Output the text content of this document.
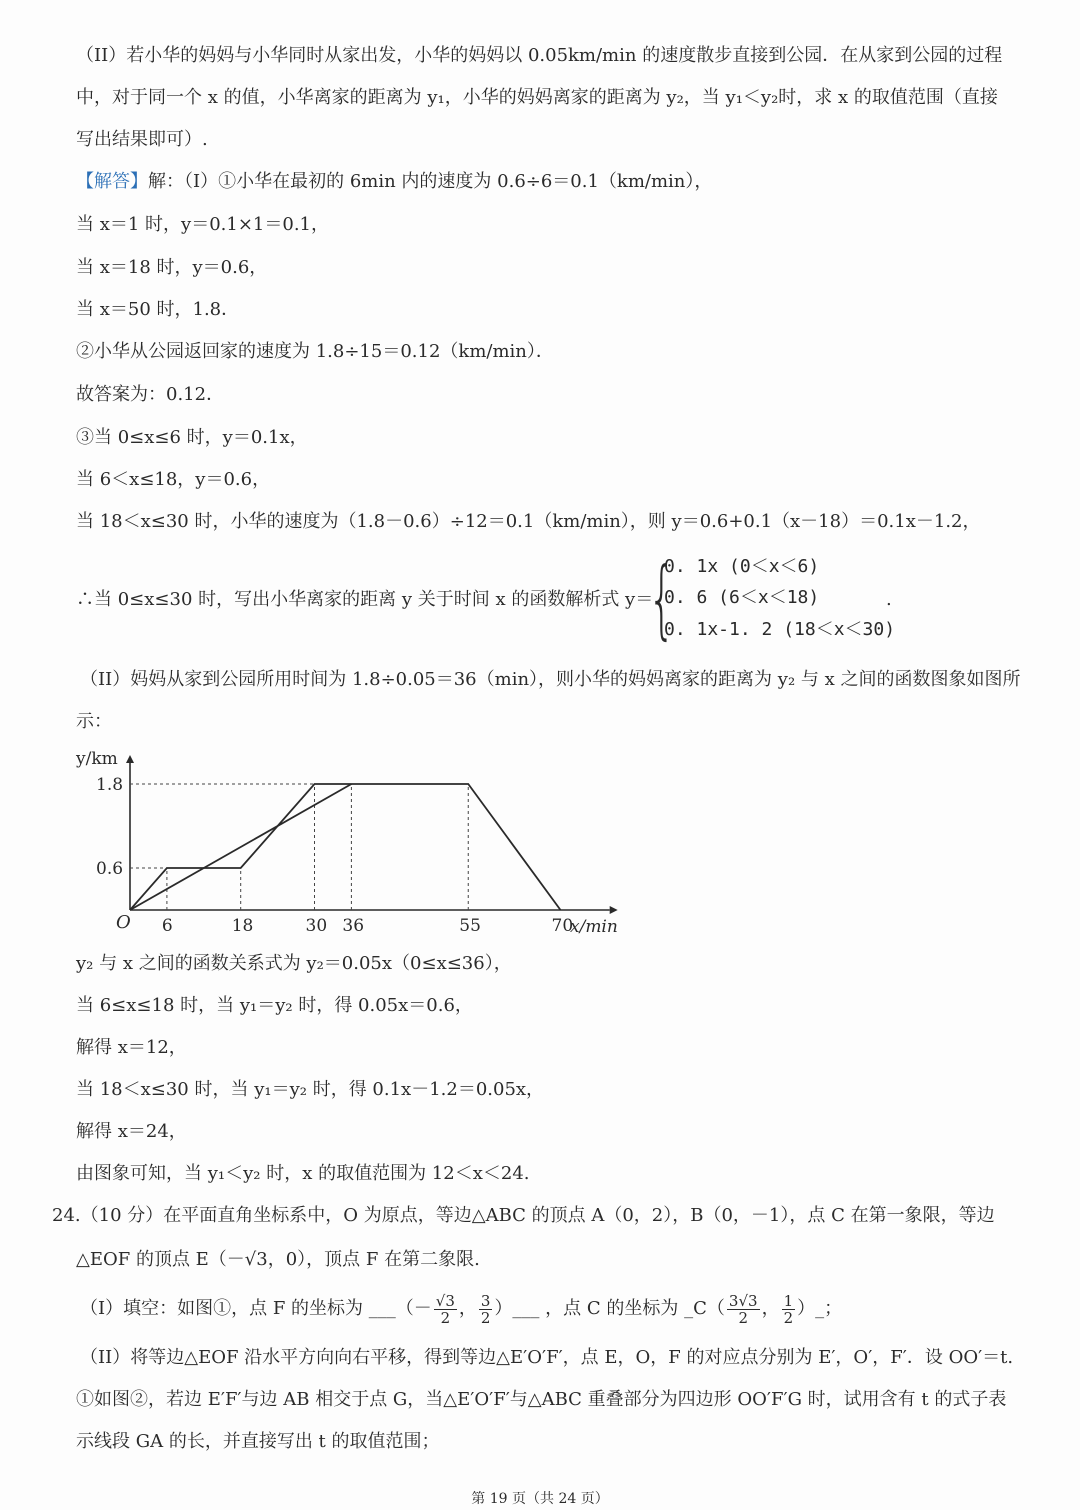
（II）若小华的妈妈与小华同时从家出发，小华的妈妈以 0.05km/min 的速度散步直接到公园．在从家到公园的过程
中，对于同一个 x 的值，小华离家的距离为 y₁，小华的妈妈离家的距离为 y₂，当 y₁＜y₂时，求 x 的取值范围（直接
写出结果即可）.
【解答】解：（I）①小华在最初的 6min 内的速度为 0.6÷6＝0.1（km/min），
当 x＝1 时，y＝0.1×1＝0.1，
当 x＝18 时，y＝0.6，
当 x＝50 时，1.8．
②小华从公园返回家的速度为 1.8÷15＝0.12（km/min）．
故答案为：0.12．
③当 0≤x≤6 时，y＝0.1x，
当 6＜x≤18，y＝0.6，
当 18＜x≤30 时，小华的速度为（1.8－0.6）÷12＝0.1（km/min），则 y＝0.6+0.1（x－18）＝0.1x－1.2，
∴当 0≤x≤30 时，写出小华离家的距离 y 关于时间 x 的函数解析式 y＝
{
0. 1x (0＜x＜6)
0. 6 (6＜x＜18)
0. 1x-1. 2 (18＜x＜30)
.
（II）妈妈从家到公园所用时间为 1.8÷0.05＝36（min），则小华的妈妈离家的距离为 y₂ 与 x 之间的函数图象如图所
示：
0.6
1.8
6	18	30 36	55	70
y/km
x/min
O
y₂ 与 x 之间的函数关系式为 y₂＝0.05x（0≤x≤36），
当 6≤x≤18 时，当 y₁＝y₂ 时，得 0.05x＝0.6，
解得 x＝12，
当 18＜x≤30 时，当 y₁＝y₂ 时，得 0.1x－1.2＝0.05x，
解得 x＝24，
由图象可知，当 y₁＜y₂ 时，x 的取值范围为 12＜x＜24.
24.（10 分）在平面直角坐标系中，O 为原点，等边△ABC 的顶点 A（0，2），B（0，－1），点 C 在第一象限，等边
△EOF 的顶点 E（－√3，0），顶点 F 在第二象限.
（I）填空：如图①，点 F 的坐标为 ___（－ $\frac{√3}{2}$ ， $\frac{3}{2}$ ）___ ，点 C 的坐标为 _C（ $\frac{3√3}{2}$ ， $\frac{1}{2}$ ）_；
（II）将等边△EOF 沿水平方向向右平移，得到等边△E′O′F′，点 E，O，F 的对应点分别为 E′，O′，F′．设 OO′＝t.
①如图②，若边 E′F′与边 AB 相交于点 G，当△E′O′F′与△ABC 重叠部分为四边形 OO′F′G 时，试用含有 t 的式子表
示线段 GA 的长，并直接写出 t 的取值范围；
第 19 页（共 24 页）
